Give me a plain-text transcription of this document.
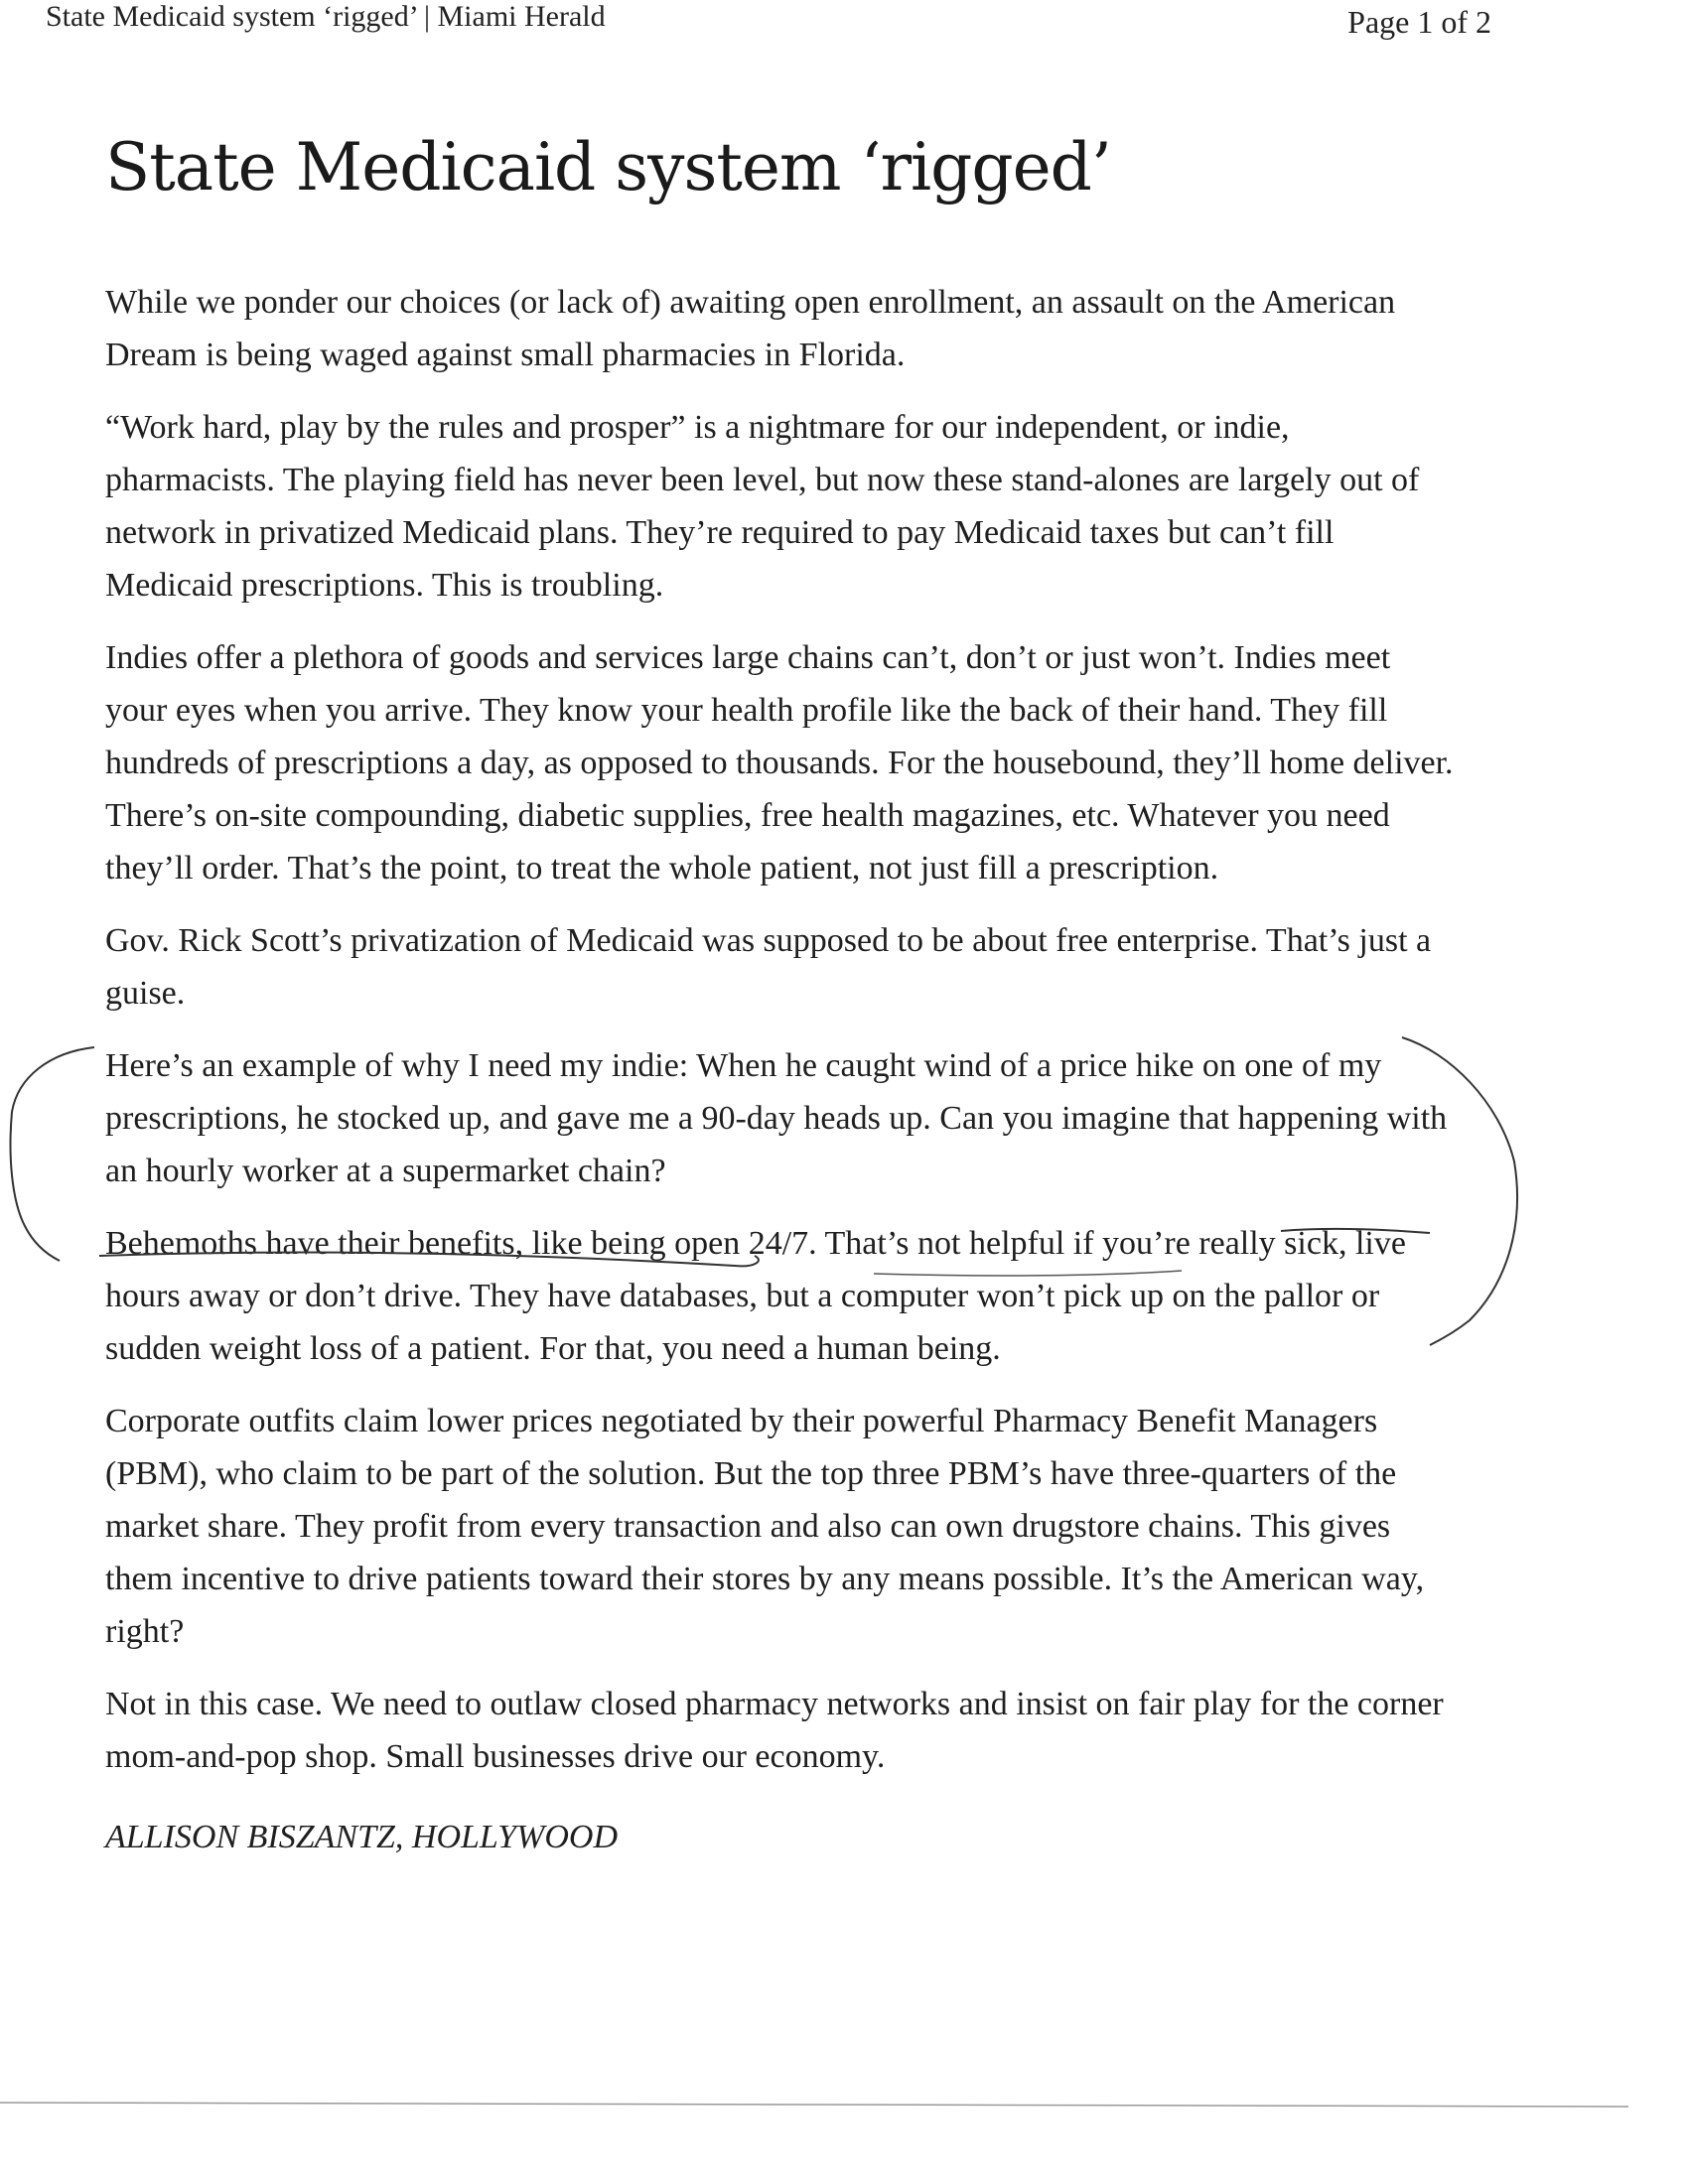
State Medicaid system ‘rigged’ | Miami Herald	Page 1 of 2
State Medicaid system ‘rigged’

While we ponder our choices (or lack of) awaiting open enrollment, an assault on the American Dream is being waged against small pharmacies in Florida.

“Work hard, play by the rules and prosper” is a nightmare for our independent, or indie, pharmacists. The playing field has never been level, but now these stand-alones are largely out of network in privatized Medicaid plans. They’re required to pay Medicaid taxes but can’t fill Medicaid prescriptions. This is troubling.

Indies offer a plethora of goods and services large chains can’t, don’t or just won’t. Indies meet your eyes when you arrive. They know your health profile like the back of their hand. They fill hundreds of prescriptions a day, as opposed to thousands. For the housebound, they’ll home deliver. There’s on-site compounding, diabetic supplies, free health magazines, etc. Whatever you need they’ll order. That’s the point, to treat the whole patient, not just fill a prescription.

Gov. Rick Scott’s privatization of Medicaid was supposed to be about free enterprise. That’s just a guise.

Here’s an example of why I need my indie: When he caught wind of a price hike on one of my prescriptions, he stocked up, and gave me a 90-day heads up. Can you imagine that happening with an hourly worker at a supermarket chain?

Behemoths have their benefits, like being open 24/7. That’s not helpful if you’re really sick, live hours away or don’t drive. They have databases, but a computer won’t pick up on the pallor or sudden weight loss of a patient. For that, you need a human being.

Corporate outfits claim lower prices negotiated by their powerful Pharmacy Benefit Managers (PBM), who claim to be part of the solution. But the top three PBM’s have three-quarters of the market share. They profit from every transaction and also can own drugstore chains. This gives them incentive to drive patients toward their stores by any means possible. It’s the American way, right?

Not in this case. We need to outlaw closed pharmacy networks and insist on fair play for the corner mom-and-pop shop. Small businesses drive our economy.

ALLISON BISZANTZ, HOLLYWOOD
